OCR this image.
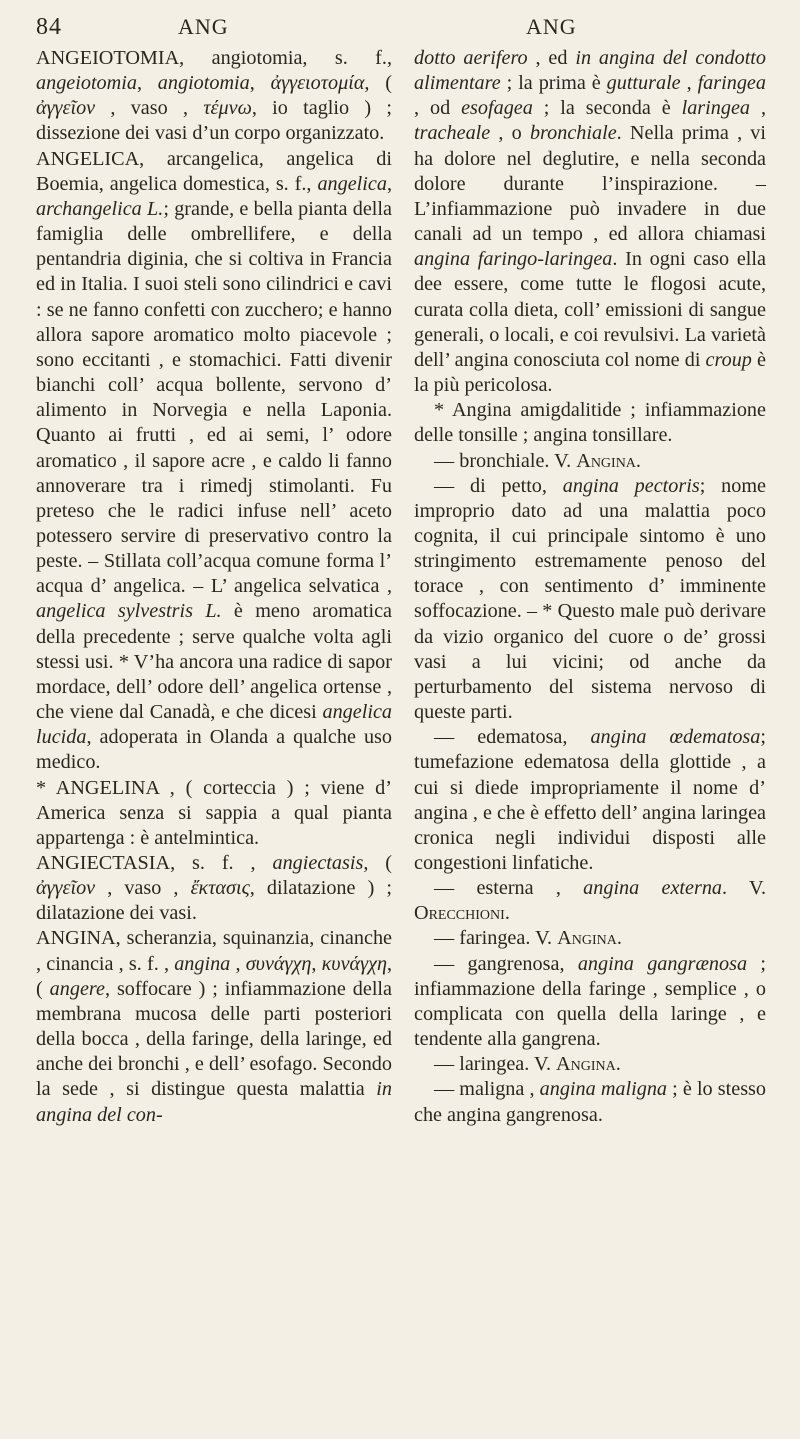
84	ANG	ANG

ANGEIOTOMIA, angiotomia, s. f., angeiotomia, angiotomia, ἀγγειοτομία, ( ἀγγεῖον , vaso , τέμνω, io taglio ) ; dissezione dei vasi d’un corpo organizzato.

ANGELICA, arcangelica, angelica di Boemia, angelica domestica, s. f., angelica, archangelica L.; grande, e bella pianta della famiglia delle ombrellifere, e della pentandria diginia, che si coltiva in Francia ed in Italia. I suoi steli sono cilindrici e cavi : se ne fanno confetti con zucchero; e hanno allora sapore aromatico molto piacevole ; sono eccitanti , e stomachici. Fatti divenir bianchi coll’ acqua bollente, servono d’ alimento in Norvegia e nella Laponia. Quanto ai frutti , ed ai semi, l’ odore aromatico , il sapore acre , e caldo li fanno annoverare tra i rimedj stimolanti. Fu preteso che le radici infuse nell’ aceto potessero servire di preservativo contro la peste. – Stillata coll’acqua comune forma l’ acqua d’ angelica. – L’ angelica selvatica , angelica sylvestris L. è meno aromatica della precedente ; serve qualche volta agli stessi usi. * V’ha ancora una radice di sapor mordace, dell’ odore dell’ angelica ortense , che viene dal Canadà, e che dicesi angelica lucida, adoperata in Olanda a qualche uso medico.

* ANGELINA , ( corteccia ) ; viene d’ America senza si sappia a qual pianta appartenga : è antelmintica.

ANGIECTASIA, s. f. , angiectasis, ( ἀγγεῖον , vaso , ἔκτασις, dilatazione ) ; dilatazione dei vasi.

ANGINA, scheranzia, squinanzia, cinanche , cinancia , s. f. , angina , συνάγχη, κυνάγχη, ( angere, soffocare ) ; infiammazione della membrana mucosa delle parti posteriori della bocca , della faringe, della laringe, ed anche dei bronchi , e dell’ esofago. Secondo la sede , si distingue questa malattia in angina del con-

dotto aerifero , ed in angina del condotto alimentare ; la prima è gutturale , faringea , od esofagea ; la seconda è laringea , tracheale , o bronchiale. Nella prima , vi ha dolore nel deglutire, e nella seconda dolore durante l’inspirazione. – L’infiammazione può invadere in due canali ad un tempo , ed allora chiamasi angina faringo-laringea. In ogni caso ella dee essere, come tutte le flogosi acute, curata colla dieta, coll’ emissioni di sangue generali, o locali, e coi revulsivi. La varietà dell’ angina conosciuta col nome di croup è la più pericolosa.

* Angina amigdalitide ; infiammazione delle tonsille ; angina tonsillare.

— bronchiale. V. Angina.

— di petto, angina pectoris; nome improprio dato ad una malattia poco cognita, il cui principale sintomo è uno stringimento estremamente penoso del torace , con sentimento d’ imminente soffocazione. – * Questo male può derivare da vizio organico del cuore o de’ grossi vasi a lui vicini; od anche da perturbamento del sistema nervoso di queste parti.

— edematosa, angina œdematosa; tumefazione edematosa della glottide , a cui si diede impropriamente il nome d’ angina , e che è effetto dell’ angina laringea cronica negli individui disposti alle congestioni linfatiche.

— esterna , angina externa. V. Orecchioni.

— faringea. V. Angina.

— gangrenosa, angina gangrænosa ; infiammazione della faringe , semplice , o complicata con quella della laringe , e tendente alla gangrena.

— laringea. V. Angina.

— maligna , angina maligna ; è lo stesso che angina gangrenosa.
